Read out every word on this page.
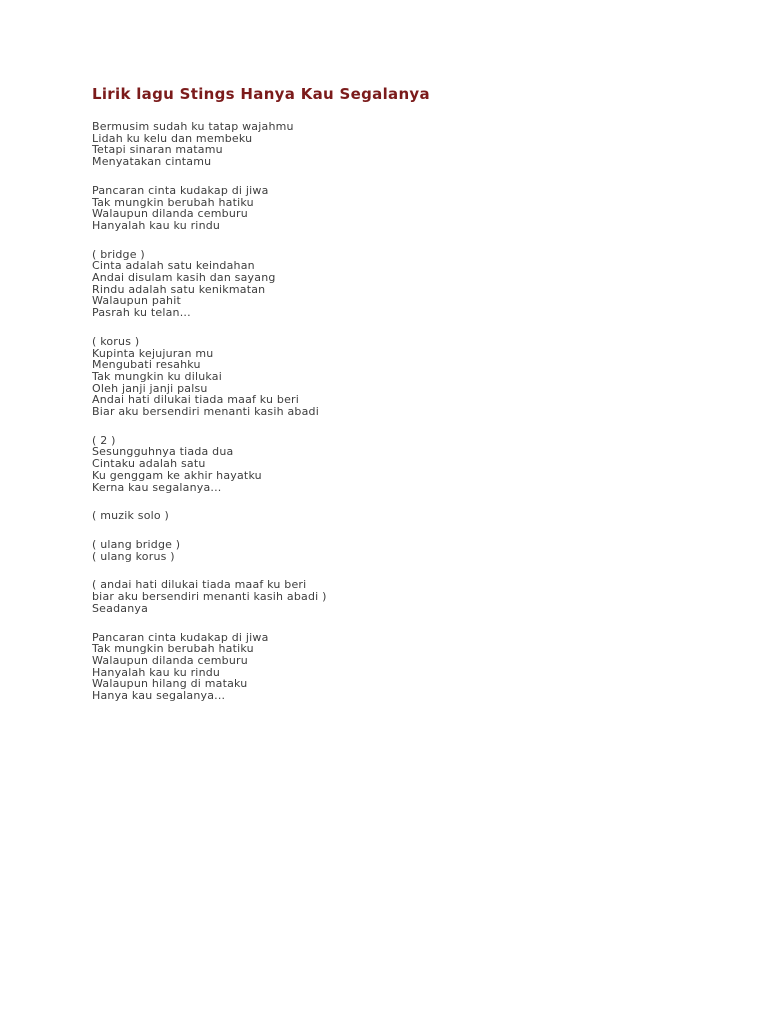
Lirik lagu Stings Hanya Kau Segalanya
Bermusim sudah ku tatap wajahmu
Lidah ku kelu dan membeku
Tetapi sinaran matamu
Menyatakan cintamu
Pancaran cinta kudakap di jiwa
Tak mungkin berubah hatiku
Walaupun dilanda cemburu
Hanyalah kau ku rindu
( bridge )
Cinta adalah satu keindahan
Andai disulam kasih dan sayang
Rindu adalah satu kenikmatan
Walaupun pahit
Pasrah ku telan...
( korus )
Kupinta kejujuran mu
Mengubati resahku
Tak mungkin ku dilukai
Oleh janji janji palsu
Andai hati dilukai tiada maaf ku beri
Biar aku bersendiri menanti kasih abadi
( 2 )
Sesungguhnya tiada dua
Cintaku adalah satu
Ku genggam ke akhir hayatku
Kerna kau segalanya...
( muzik solo )
( ulang bridge )
( ulang korus )
( andai hati dilukai tiada maaf ku beri
biar aku bersendiri menanti kasih abadi )
Seadanya
Pancaran cinta kudakap di jiwa
Tak mungkin berubah hatiku
Walaupun dilanda cemburu
Hanyalah kau ku rindu
Walaupun hilang di mataku
Hanya kau segalanya...
